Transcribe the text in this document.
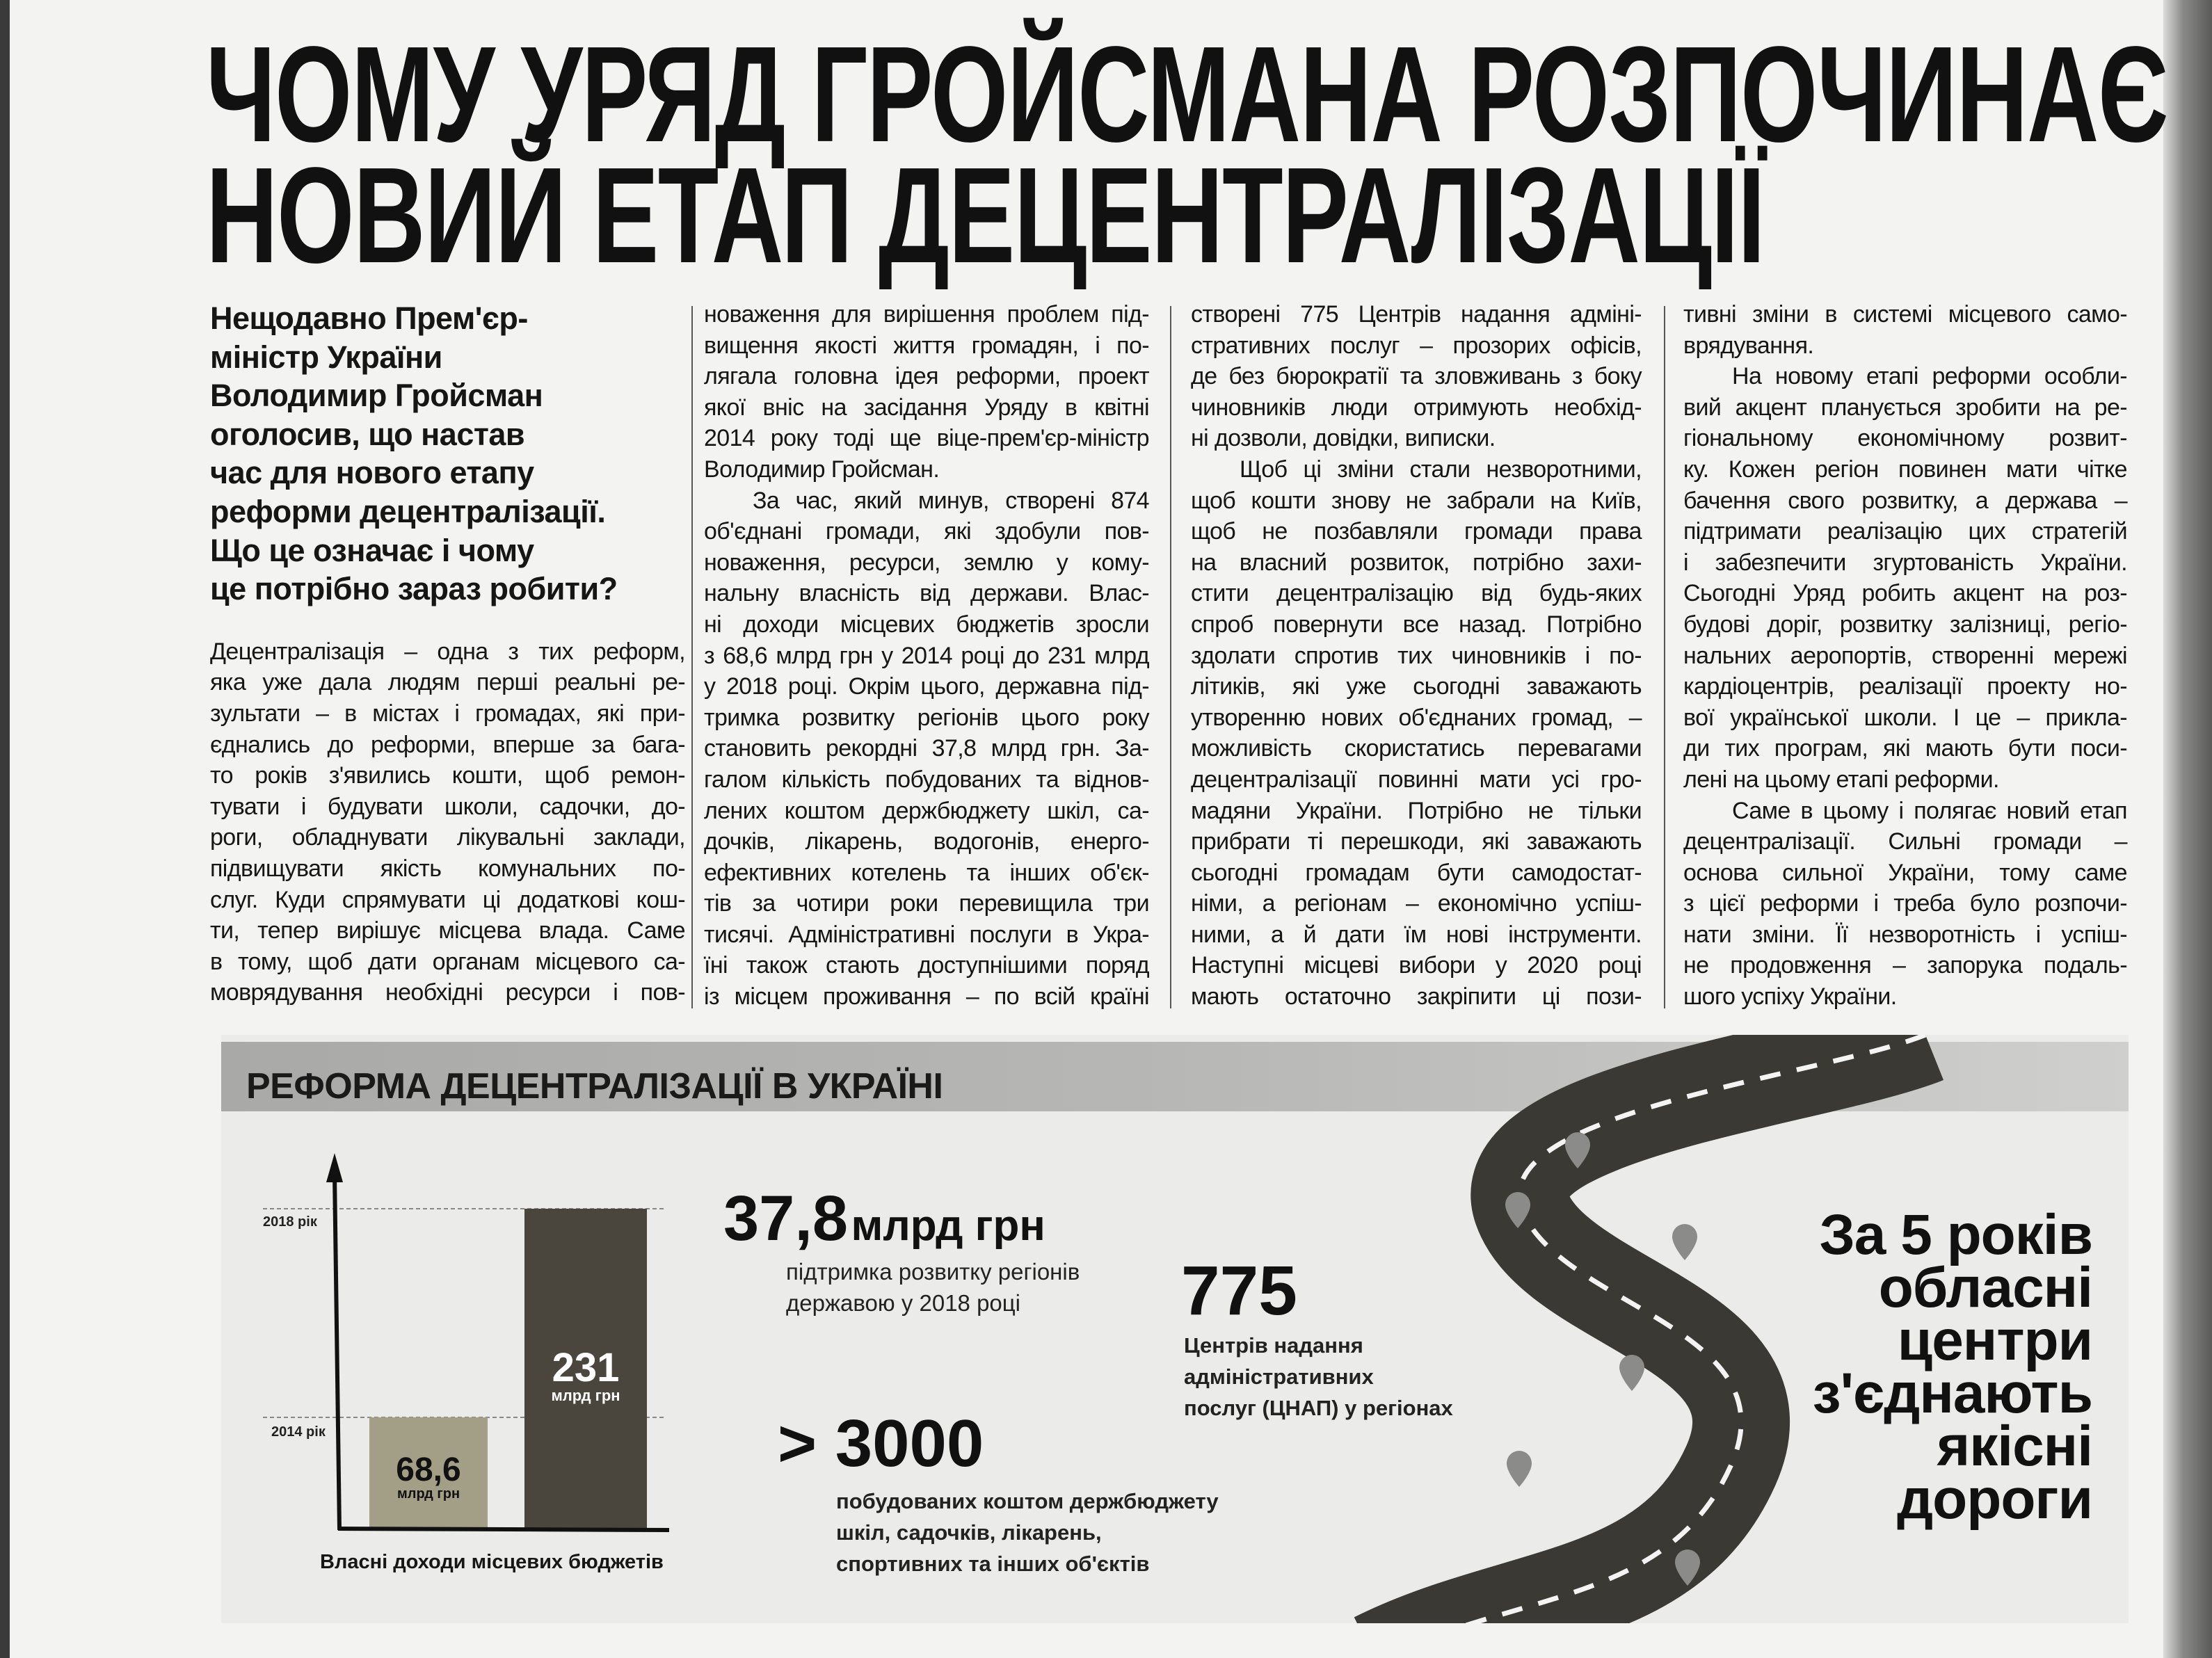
ЧОМУ УРЯД ГРОЙСМАНА РОЗПОЧИНАЄ
НОВИЙ ЕТАП ДЕЦЕНТРАЛІЗАЦІЇ
Нещодавно Прем'єр-
міністр України
Володимир Гройсман
оголосив, що настав
час для нового етапу
реформи децентралізації.
Що це означає і чому
це потрібно зараз робити?
Децентралізація – одна з тих реформ,
яка уже дала людям перші реальні ре-
зультати – в містах і громадах, які при-
єднались до реформи, вперше за бага-
то років з'явились кошти, щоб ремон-
тувати і будувати школи, садочки, до-
роги, обладнувати лікувальні заклади,
підвищувати якість комунальних по-
слуг. Куди спрямувати ці додаткові кош-
ти, тепер вирішує місцева влада. Саме
в тому, щоб дати органам місцевого са-
моврядування необхідні ресурси і пов-
новаження для вирішення проблем під-
вищення якості життя громадян, і по-
лягала головна ідея реформи, проект
якої вніс на засідання Уряду в квітні
2014 року тоді ще віце-прем'єр-міністр
Володимир Гройсман.
За час, який минув, створені 874
об'єднані громади, які здобули пов-
новаження, ресурси, землю у кому-
нальну власність від держави. Влас-
ні доходи місцевих бюджетів зросли
з 68,6 млрд грн у 2014 році до 231 млрд
у 2018 році. Окрім цього, державна під-
тримка розвитку регіонів цього року
становить рекордні 37,8 млрд грн. За-
галом кількість побудованих та віднов-
лених коштом держбюджету шкіл, са-
дочків, лікарень, водогонів, енерго-
ефективних котелень та інших об'єк-
тів за чотири роки перевищила три
тисячі. Адміністративні послуги в Укра-
їні також стають доступнішими поряд
із місцем проживання – по всій країні
створені 775 Центрів надання адміні-
стративних послуг – прозорих офісів,
де без бюрократії та зловживань з боку
чиновників люди отримують необхід-
ні дозволи, довідки, виписки.
Щоб ці зміни стали незворотними,
щоб кошти знову не забрали на Київ,
щоб не позбавляли громади права
на власний розвиток, потрібно захи-
стити децентралізацію від будь-яких
спроб повернути все назад. Потрібно
здолати спротив тих чиновників і по-
літиків, які уже сьогодні заважають
утворенню нових об'єднаних громад, –
можливість скористатись перевагами
децентралізації повинні мати усі гро-
мадяни України. Потрібно не тільки
прибрати ті перешкоди, які заважають
сьогодні громадам бути самодостат-
німи, а регіонам – економічно успіш-
ними, а й дати їм нові інструменти.
Наступні місцеві вибори у 2020 році
мають остаточно закріпити ці пози-
тивні зміни в системі місцевого само-
врядування.
На новому етапі реформи особли-
вий акцент планується зробити на ре-
гіональному економічному розвит-
ку. Кожен регіон повинен мати чітке
бачення свого розвитку, а держава –
підтримати реалізацію цих стратегій
і забезпечити згуртованість України.
Сьогодні Уряд робить акцент на роз-
будові доріг, розвитку залізниці, регіо-
нальних аеропортів, створенні мережі
кардіоцентрів, реалізації проекту но-
вої української школи. І це – прикла-
ди тих програм, які мають бути поси-
лені на цьому етапі реформи.
Саме в цьому і полягає новий етап
децентралізації. Сильні громади –
основа сильної України, тому саме
з цієї реформи і треба було розпочи-
нати зміни. Її незворотність і успіш-
не продовження – запорука подаль-
шого успіху України.
РЕФОРМА ДЕЦЕНТРАЛІЗАЦІЇ В УКРАЇНІ
2018 рік
2014 рік
68,6
млрд грн
231
млрд грн
Власні доходи місцевих бюджетів
37,8 млрд грн
підтримка розвитку регіонів
державою у 2018 році	775
Центрів надання
адміністративних
послуг (ЦНАП) у регіонах
> 3000
побудованих коштом держбюджету
шкіл, садочків, лікарень,
спортивних та інших об'єктів
За 5 років
обласні
центри
з'єднають
якісні
дороги
